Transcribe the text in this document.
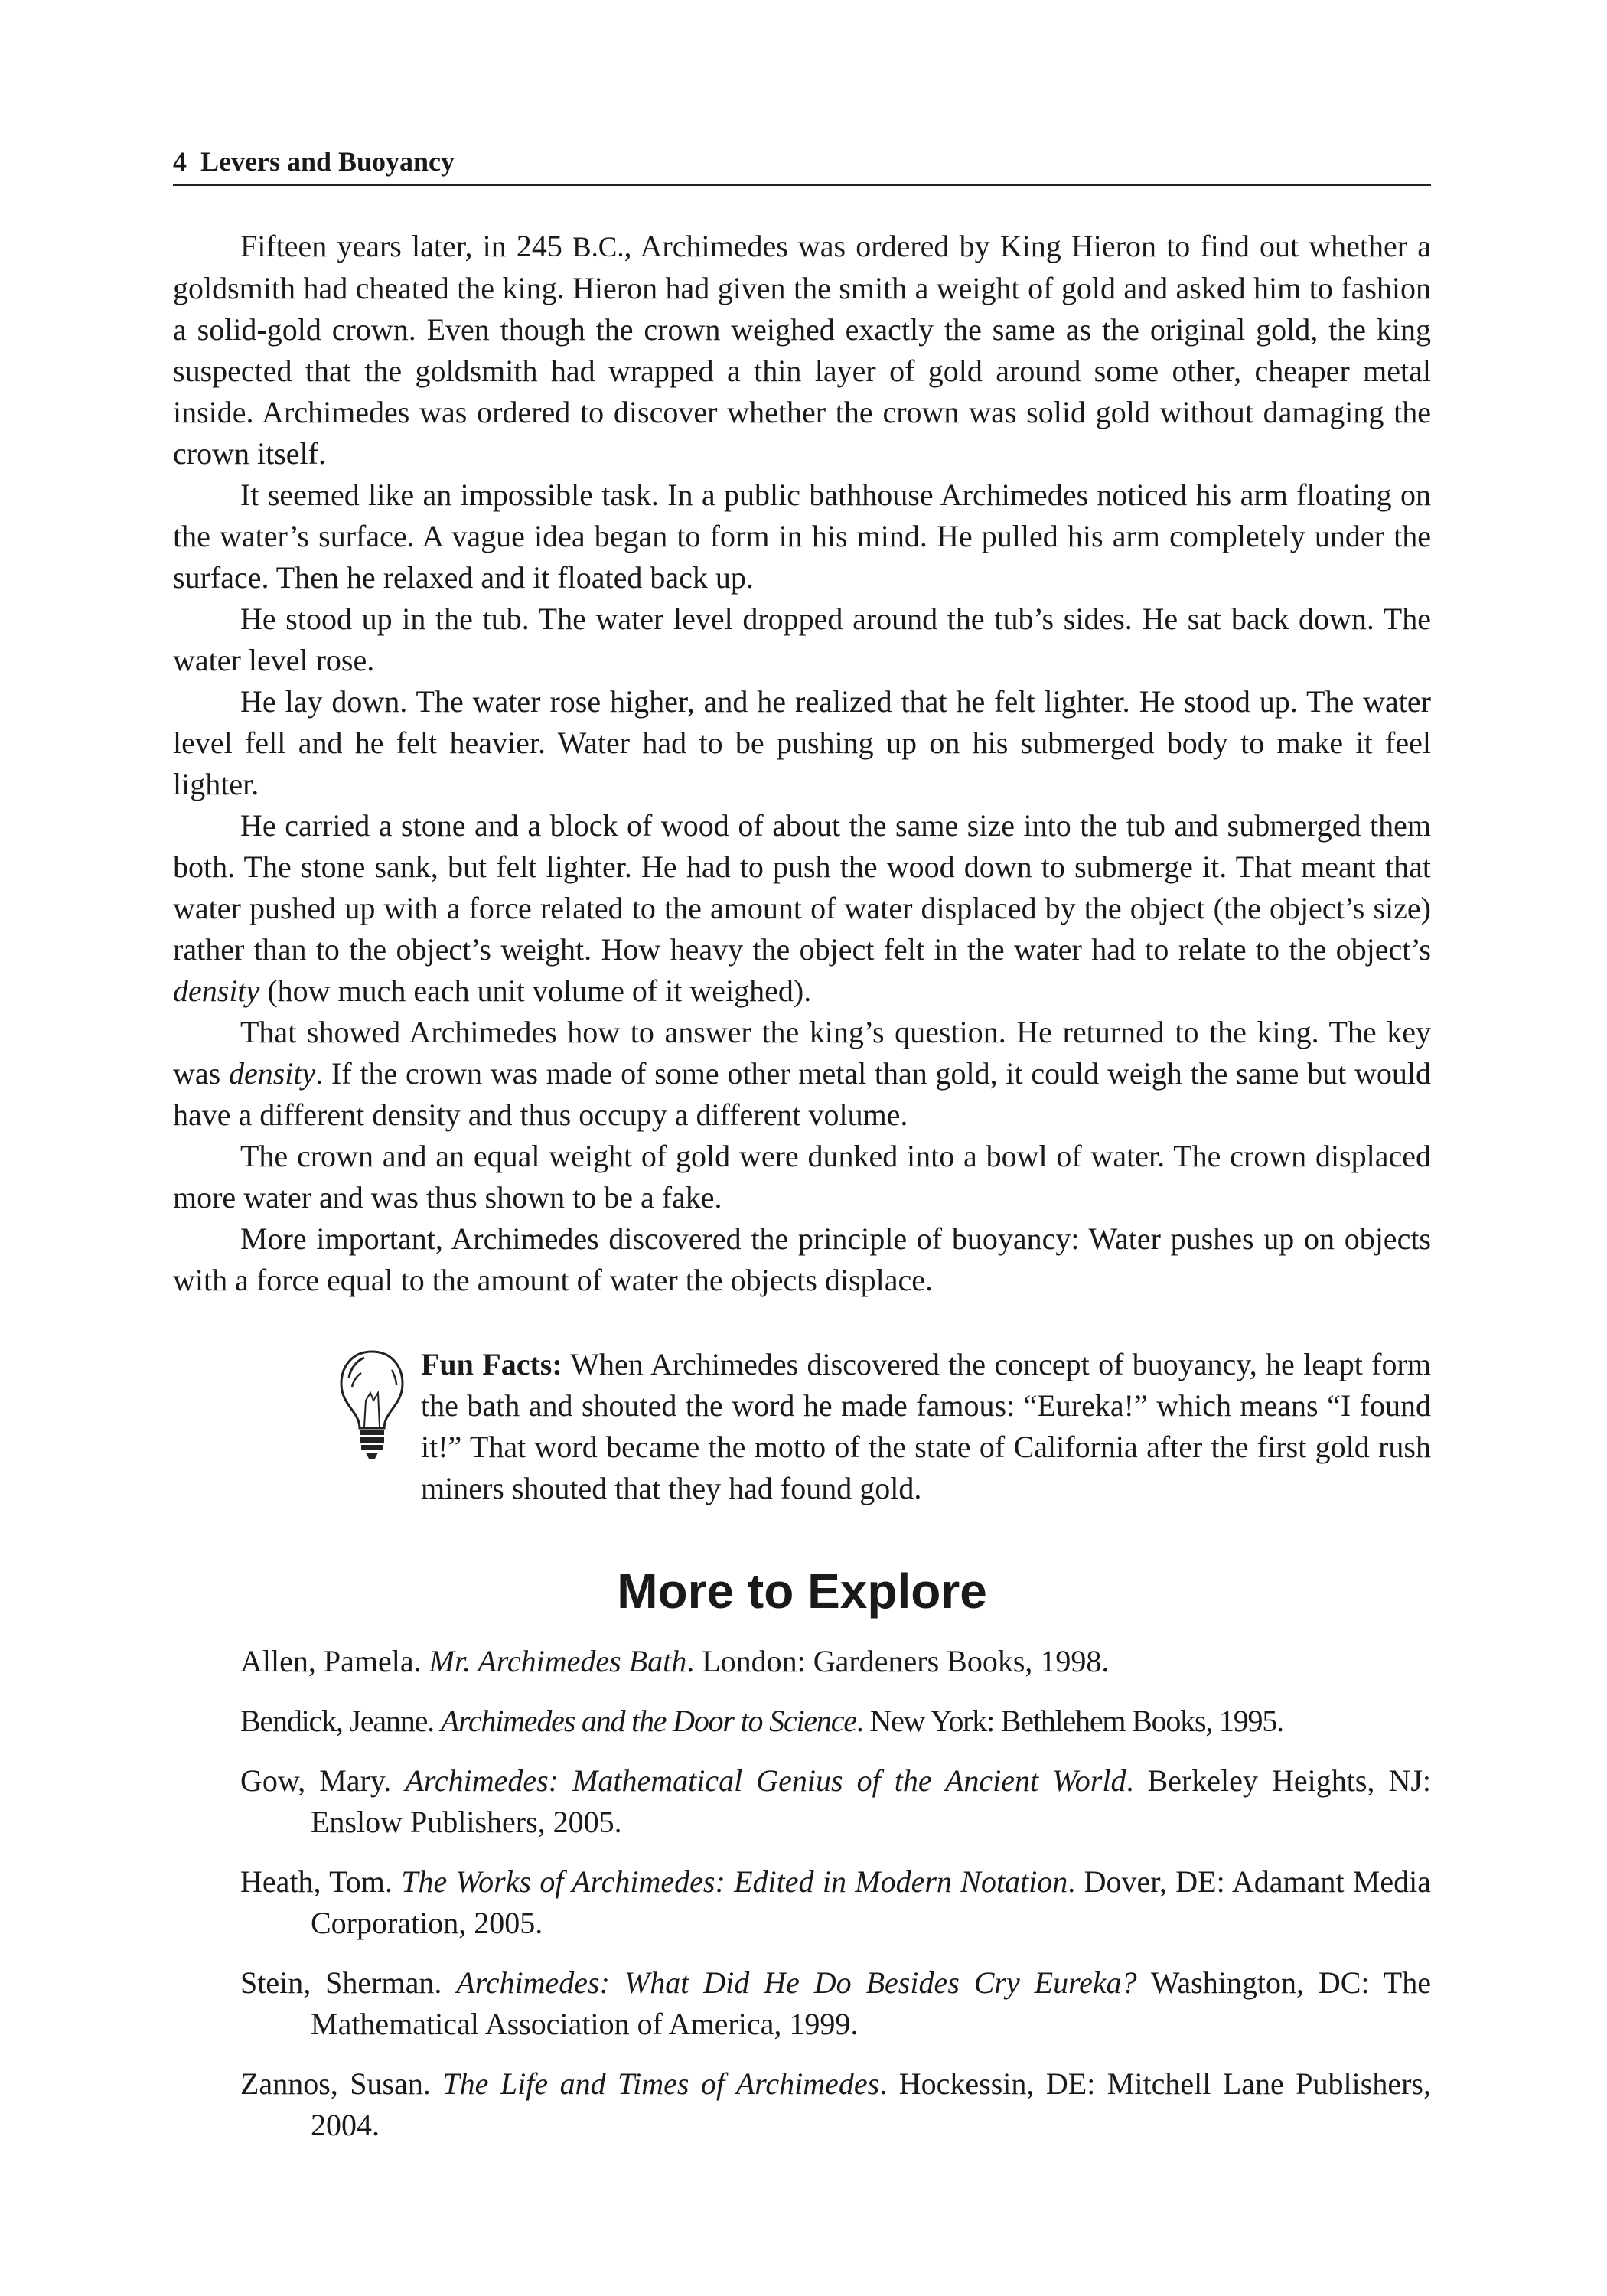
4 Levers and Buoyancy

Fifteen years later, in 245 B.C., Archimedes was ordered by King Hieron to find out whether a goldsmith had cheated the king. Hieron had given the smith a weight of gold and asked him to fashion a solid-gold crown. Even though the crown weighed exactly the same as the original gold, the king suspected that the goldsmith had wrapped a thin layer of gold around some other, cheaper metal inside. Archimedes was ordered to discover whether the crown was solid gold without damaging the crown itself.

It seemed like an impossible task. In a public bathhouse Archimedes noticed his arm floating on the water’s surface. A vague idea began to form in his mind. He pulled his arm completely under the surface. Then he relaxed and it floated back up.

He stood up in the tub. The water level dropped around the tub’s sides. He sat back down. The water level rose.

He lay down. The water rose higher, and he realized that he felt lighter. He stood up. The water level fell and he felt heavier. Water had to be pushing up on his submerged body to make it feel lighter.

He carried a stone and a block of wood of about the same size into the tub and submerged them both. The stone sank, but felt lighter. He had to push the wood down to submerge it. That meant that water pushed up with a force related to the amount of water displaced by the object (the object’s size) rather than to the object’s weight. How heavy the object felt in the water had to relate to the object’s density (how much each unit volume of it weighed).

That showed Archimedes how to answer the king’s question. He returned to the king. The key was density. If the crown was made of some other metal than gold, it could weigh the same but would have a different density and thus occupy a different volume.

The crown and an equal weight of gold were dunked into a bowl of water. The crown displaced more water and was thus shown to be a fake.

More important, Archimedes discovered the principle of buoyancy: Water pushes up on objects with a force equal to the amount of water the objects displace.

Fun Facts: When Archimedes discovered the concept of buoyancy, he leapt form the bath and shouted the word he made famous: “Eureka!” which means “I found it!” That word became the motto of the state of California after the first gold rush miners shouted that they had found gold.
More to Explore
Allen, Pamela. Mr. Archimedes Bath. London: Gardeners Books, 1998.
Bendick, Jeanne. Archimedes and the Door to Science. New York: Bethlehem Books, 1995.
Gow, Mary. Archimedes: Mathematical Genius of the Ancient World. Berkeley Heights, NJ: Enslow Publishers, 2005.
Heath, Tom. The Works of Archimedes: Edited in Modern Notation. Dover, DE: Adamant Media Corporation, 2005.
Stein, Sherman. Archimedes: What Did He Do Besides Cry Eureka? Washington, DC: The Mathematical Association of America, 1999.
Zannos, Susan. The Life and Times of Archimedes. Hockessin, DE: Mitchell Lane Publishers, 2004.
